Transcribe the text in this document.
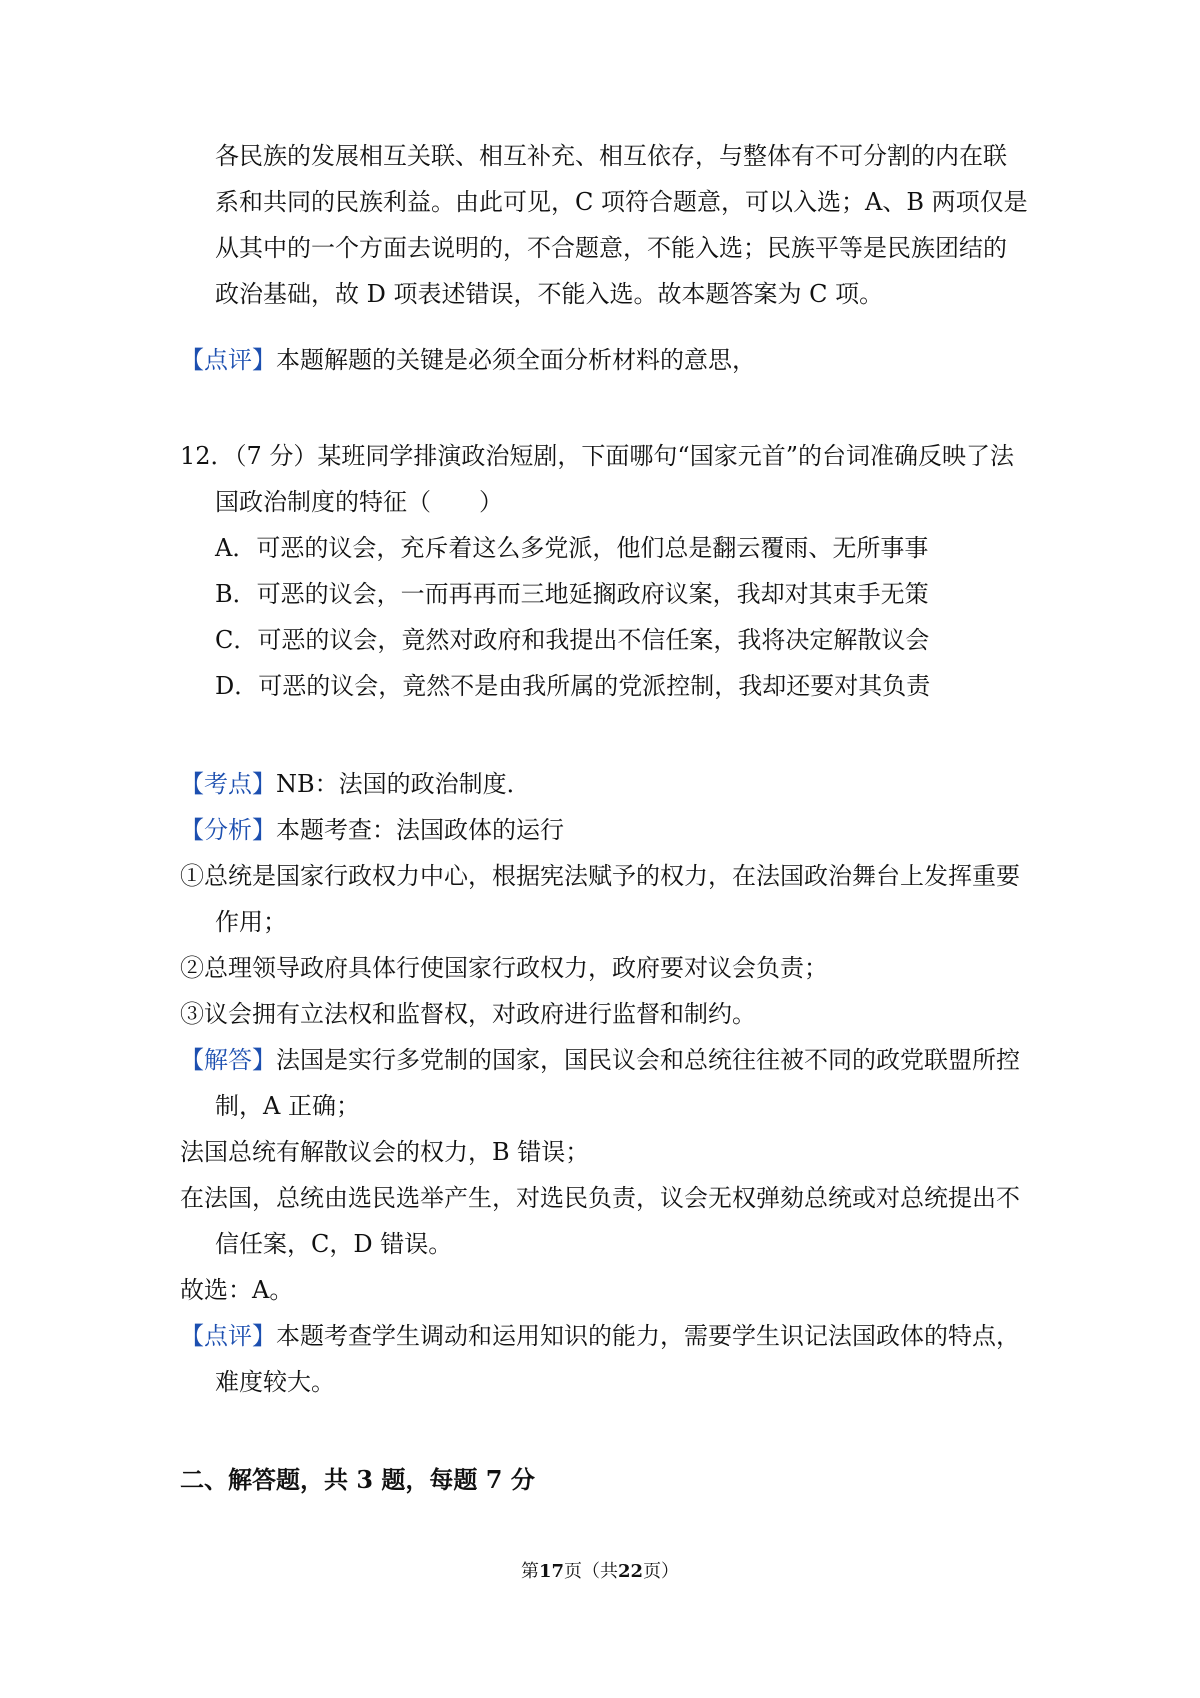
各民族的发展相互关联、相互补充、相互依存，与整体有不可分割的内在联
系和共同的民族利益。由此可见，C 项符合题意，可以入选；A、B 两项仅是
从其中的一个方面去说明的，不合题意，不能入选；民族平等是民族团结的
政治基础，故 D 项表述错误，不能入选。故本题答案为 C 项。
【点评】本题解题的关键是必须全面分析材料的意思，
12．（7 分）某班同学排演政治短剧，下面哪句“国家元首”的台词准确反映了法
国政治制度的特征（　　）
A．可恶的议会，充斥着这么多党派，他们总是翻云覆雨、无所事事
B．可恶的议会，一而再再而三地延搁政府议案，我却对其束手无策
C．可恶的议会，竟然对政府和我提出不信任案，我将决定解散议会
D．可恶的议会，竟然不是由我所属的党派控制，我却还要对其负责
【考点】NB：法国的政治制度．
【分析】本题考查：法国政体的运行
①总统是国家行政权力中心，根据宪法赋予的权力，在法国政治舞台上发挥重要
作用；
②总理领导政府具体行使国家行政权力，政府要对议会负责；
③议会拥有立法权和监督权，对政府进行监督和制约。
【解答】法国是实行多党制的国家，国民议会和总统往往被不同的政党联盟所控
制，A 正确；
法国总统有解散议会的权力，B 错误；
在法国，总统由选民选举产生，对选民负责，议会无权弹劾总统或对总统提出不
信任案，C，D 错误。
故选：A。
【点评】本题考查学生调动和运用知识的能力，需要学生识记法国政体的特点，
难度较大。
二、解答题，共 3 题，每题 7 分
第17页（共22页）
